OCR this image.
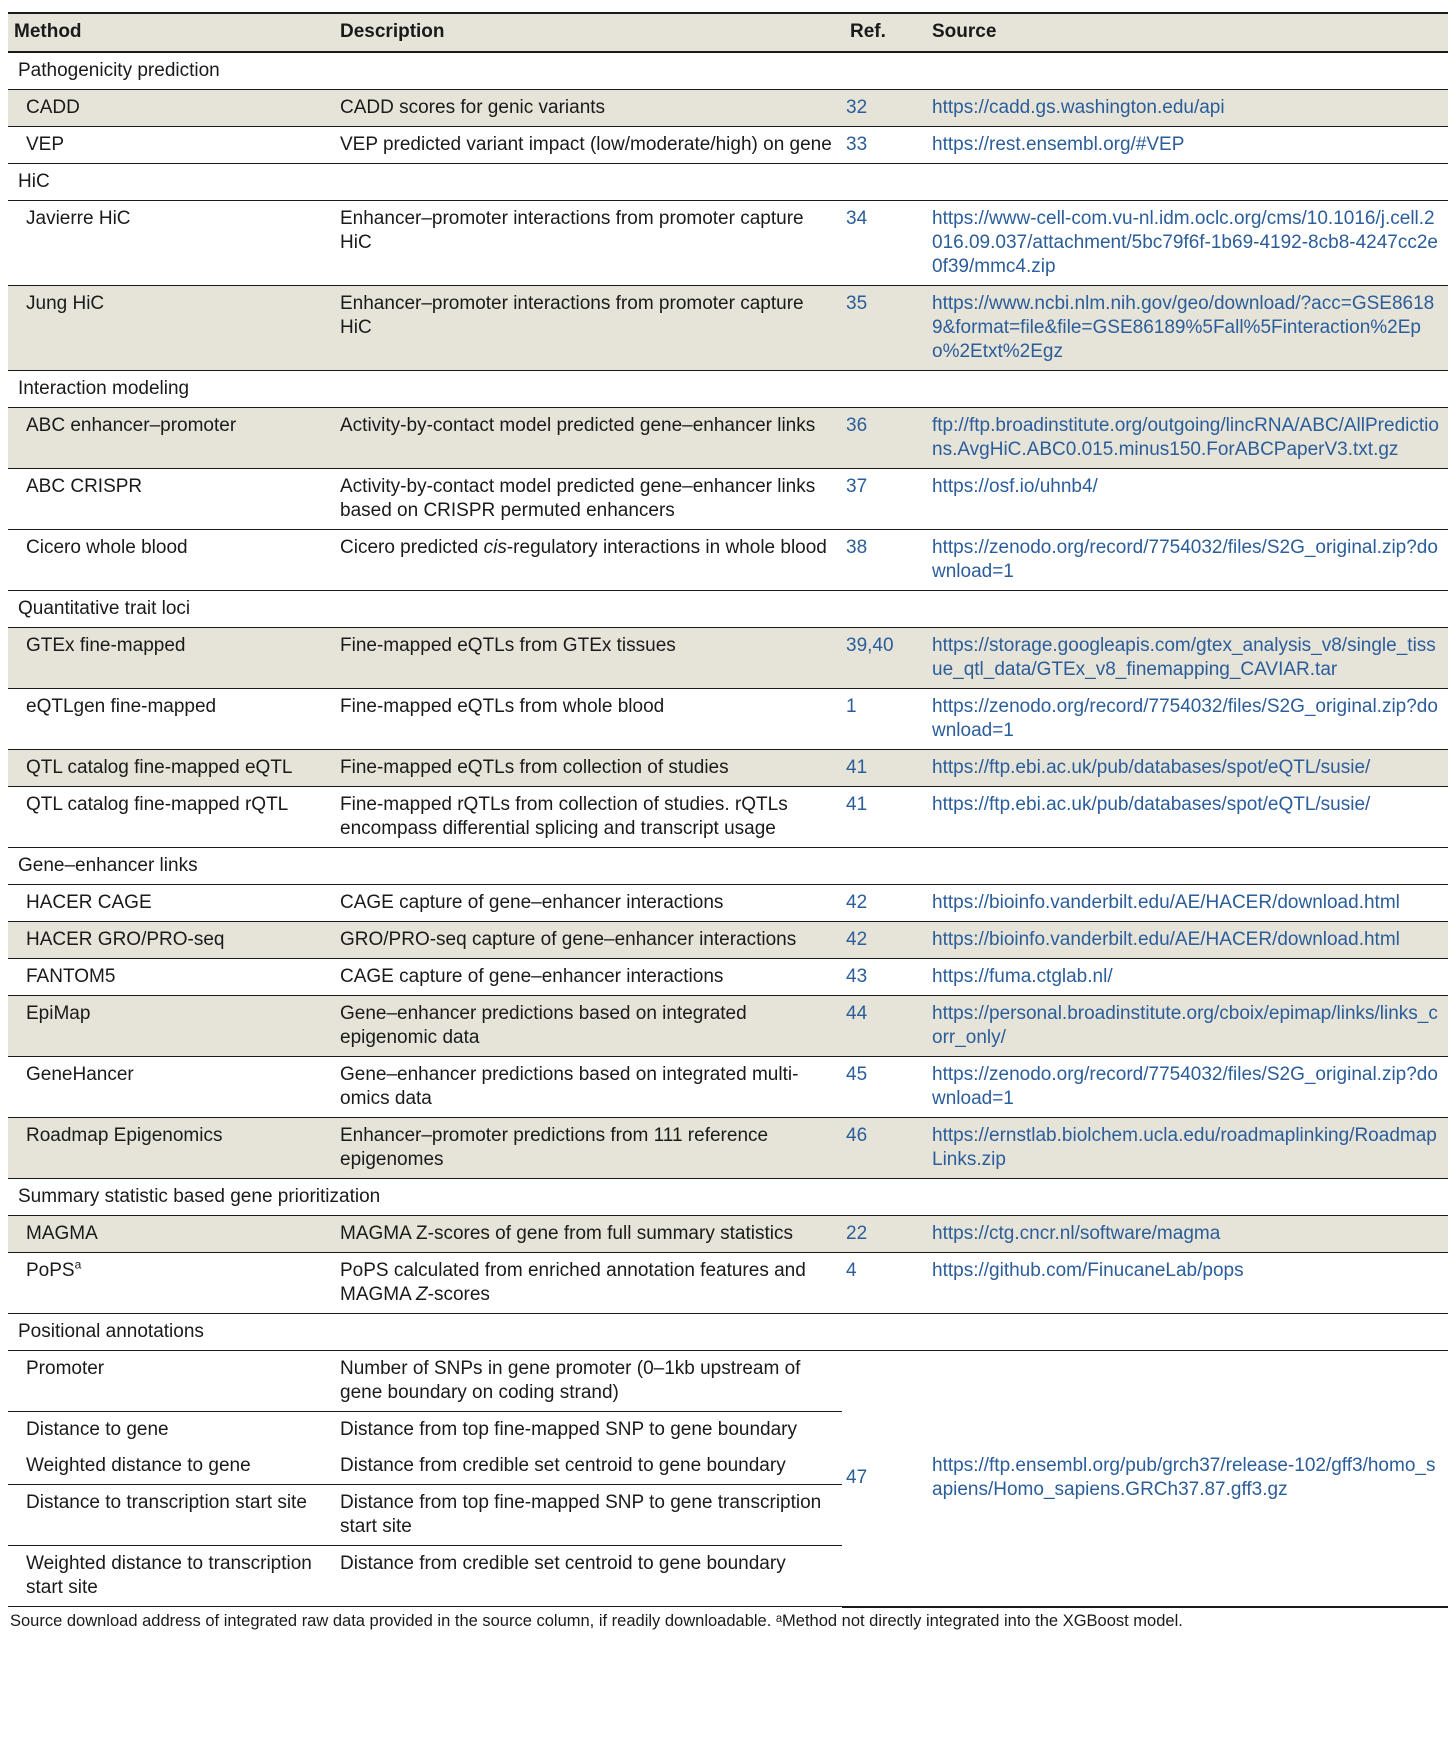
Method	Description	Ref.	Source
Pathogenicity prediction			
CADD	CADD scores for genic variants	32	https://cadd.gs.washington.edu/api
VEP	VEP predicted variant impact (low/moderate/high) on gene	33	https://rest.ensembl.org/#VEP
HiC			
Javierre HiC	Enhancer–promoter interactions from promoter capture HiC	34	https://www-cell-com.vu-nl.idm.oclc.org/cms/10.1016/j.cell.2016.09.037/attachment/5bc79f6f-1b69-4192-8cb8-4247cc2e0f39/mmc4.zip
Jung HiC	Enhancer–promoter interactions from promoter capture HiC	35	https://www.ncbi.nlm.nih.gov/geo/download/?acc=GSE86189&format=file&file=GSE86189%5Fall%5Finteraction%2Epo%2Etxt%2Egz
Interaction modeling			
ABC enhancer–promoter	Activity-by-contact model predicted gene–enhancer links	36	ftp://ftp.broadinstitute.org/outgoing/lincRNA/ABC/AllPredictions.AvgHiC.ABC0.015.minus150.ForABCPaperV3.txt.gz
ABC CRISPR	Activity-by-contact model predicted gene–enhancer links based on CRISPR permuted enhancers	37	https://osf.io/uhnb4/
Cicero whole blood	Cicero predicted cis-regulatory interactions in whole blood	38	https://zenodo.org/record/7754032/files/S2G_original.zip?download=1
Quantitative trait loci			
GTEx fine-mapped	Fine-mapped eQTLs from GTEx tissues	39,40	https://storage.googleapis.com/gtex_analysis_v8/single_tissue_qtl_data/GTEx_v8_finemapping_CAVIAR.tar
eQTLgen fine-mapped	Fine-mapped eQTLs from whole blood	1	https://zenodo.org/record/7754032/files/S2G_original.zip?download=1
QTL catalog fine-mapped eQTL	Fine-mapped eQTLs from collection of studies	41	https://ftp.ebi.ac.uk/pub/databases/spot/eQTL/susie/
QTL catalog fine-mapped rQTL	Fine-mapped rQTLs from collection of studies. rQTLs encompass differential splicing and transcript usage	41	https://ftp.ebi.ac.uk/pub/databases/spot/eQTL/susie/
Gene–enhancer links			
HACER CAGE	CAGE capture of gene–enhancer interactions	42	https://bioinfo.vanderbilt.edu/AE/HACER/download.html
HACER GRO/PRO-seq	GRO/PRO-seq capture of gene–enhancer interactions	42	https://bioinfo.vanderbilt.edu/AE/HACER/download.html
FANTOM5	CAGE capture of gene–enhancer interactions	43	https://fuma.ctglab.nl/
EpiMap	Gene–enhancer predictions based on integrated epigenomic data	44	https://personal.broadinstitute.org/cboix/epimap/links/links_corr_only/
GeneHancer	Gene–enhancer predictions based on integrated multi-omics data	45	https://zenodo.org/record/7754032/files/S2G_original.zip?download=1
Roadmap Epigenomics	Enhancer–promoter predictions from 111 reference epigenomes	46	https://ernstlab.biolchem.ucla.edu/roadmaplinking/RoadmapLinks.zip
Summary statistic based gene prioritization			
MAGMA	MAGMA Z-scores of gene from full summary statistics	22	https://ctg.cncr.nl/software/magma
PoPS$^a$	PoPS calculated from enriched annotation features and MAGMA Z-scores	4	https://github.com/FinucaneLab/pops
Positional annotations			
Promoter	Number of SNPs in gene promoter (0–1kb upstream of gene boundary on coding strand)	47	https://ftp.ensembl.org/pub/grch37/release-102/gff3/homo_sapiens/Homo_sapiens.GRCh37.87.gff3.gz
Distance to gene	Distance from top fine-mapped SNP to gene boundary		
Weighted distance to gene	Distance from credible set centroid to gene boundary		
Distance to transcription start site	Distance from top fine-mapped SNP to gene transcription start site		
Weighted distance to transcription start site	Distance from credible set centroid to gene boundary		
Source download address of integrated raw data provided in the source column, if readily downloadable. ᵃMethod not directly integrated into the XGBoost model.
